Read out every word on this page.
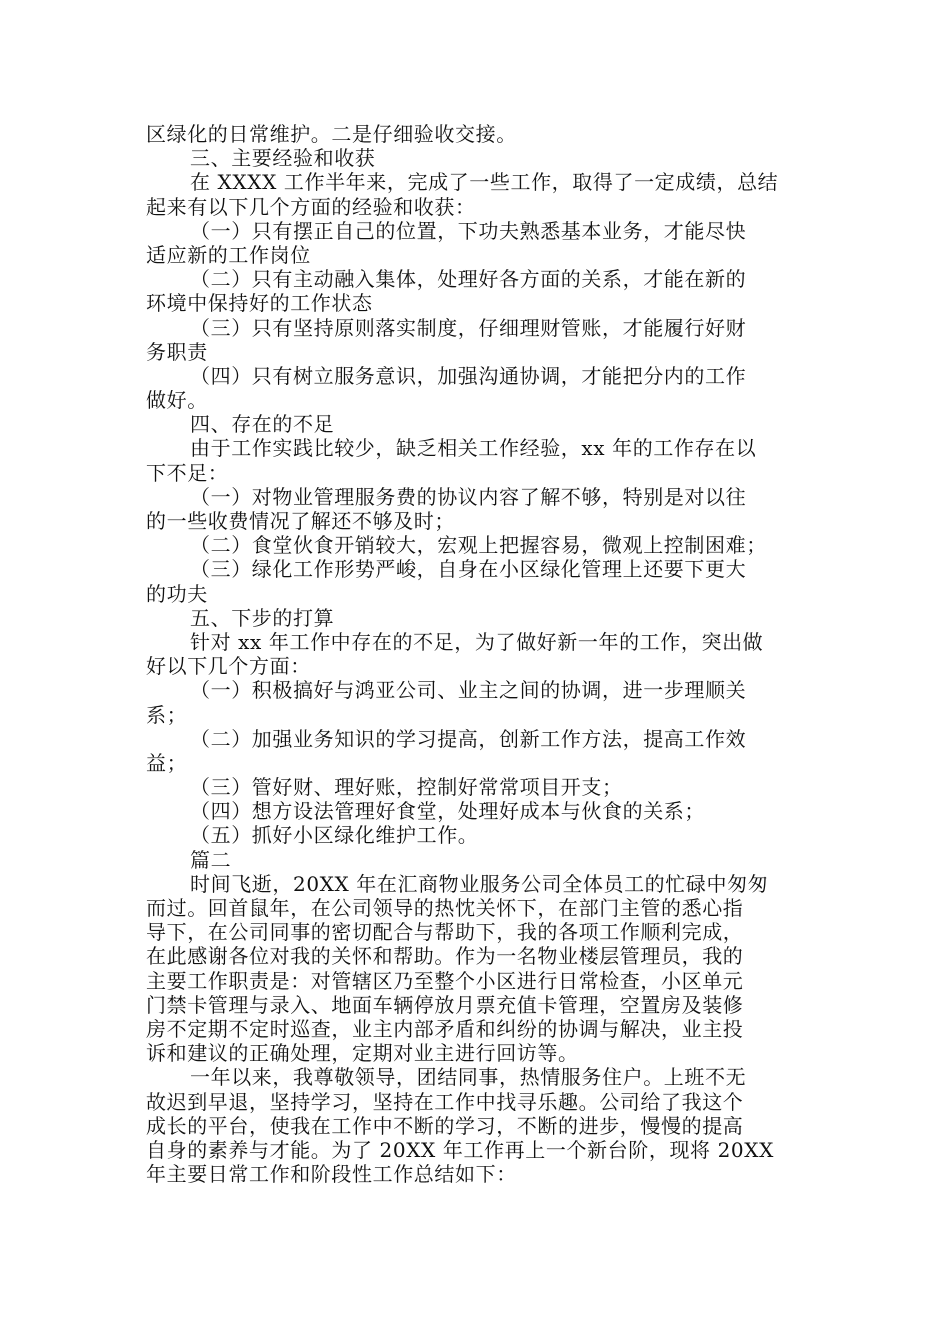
区绿化的日常维护。二是仔细验收交接。
三、主要经验和收获
在 XXXX 工作半年来，完成了一些工作，取得了一定成绩，总结
起来有以下几个方面的经验和收获：
（一）只有摆正自己的位置，下功夫熟悉基本业务，才能尽快
适应新的工作岗位
（二）只有主动融入集体，处理好各方面的关系，才能在新的
环境中保持好的工作状态
（三）只有坚持原则落实制度，仔细理财管账，才能履行好财
务职责
（四）只有树立服务意识，加强沟通协调，才能把分内的工作
做好。
四、存在的不足
由于工作实践比较少，缺乏相关工作经验，xx 年的工作存在以
下不足：
（一）对物业管理服务费的协议内容了解不够，特别是对以往
的一些收费情况了解还不够及时；
（二）食堂伙食开销较大，宏观上把握容易，微观上控制困难；
（三）绿化工作形势严峻，自身在小区绿化管理上还要下更大
的功夫
五、下步的打算
针对 xx 年工作中存在的不足，为了做好新一年的工作，突出做
好以下几个方面：
（一）积极搞好与鸿亚公司、业主之间的协调，进一步理顺关
系；
（二）加强业务知识的学习提高，创新工作方法，提高工作效
益；
（三）管好财、理好账，控制好常常项目开支；
（四）想方设法管理好食堂，处理好成本与伙食的关系；
（五）抓好小区绿化维护工作。
篇二
时间飞逝，20XX 年在汇商物业服务公司全体员工的忙碌中匆匆
而过。回首鼠年，在公司领导的热忱关怀下，在部门主管的悉心指
导下，在公司同事的密切配合与帮助下，我的各项工作顺利完成，
在此感谢各位对我的关怀和帮助。作为一名物业楼层管理员，我的
主要工作职责是：对管辖区乃至整个小区进行日常检查，小区单元
门禁卡管理与录入、地面车辆停放月票充值卡管理，空置房及装修
房不定期不定时巡查，业主内部矛盾和纠纷的协调与解决，业主投
诉和建议的正确处理，定期对业主进行回访等。
一年以来，我尊敬领导，团结同事，热情服务住户。上班不无
故迟到早退，坚持学习，坚持在工作中找寻乐趣。公司给了我这个
成长的平台，使我在工作中不断的学习，不断的进步，慢慢的提高
自身的素养与才能。为了 20XX 年工作再上一个新台阶，现将 20XX
年主要日常工作和阶段性工作总结如下：
